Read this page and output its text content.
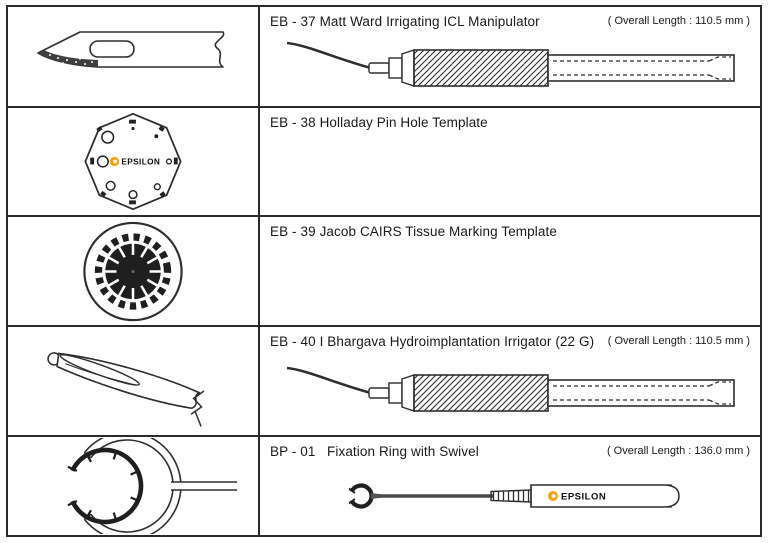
EB - 37 Matt Ward Irrigating ICL Manipulator	( Overall Length : 110.5 mm )
EPSILON
EB - 38 Holladay Pin Hole Template
EB - 39 Jacob CAIRS Tissue Marking Template
EB - 40 I Bhargava Hydroimplantation Irrigator (22 G) ( Overall Length : 110.5 mm )
BP - 01   Fixation Ring with Swivel	( Overall Length : 136.0 mm )
EPSILON
